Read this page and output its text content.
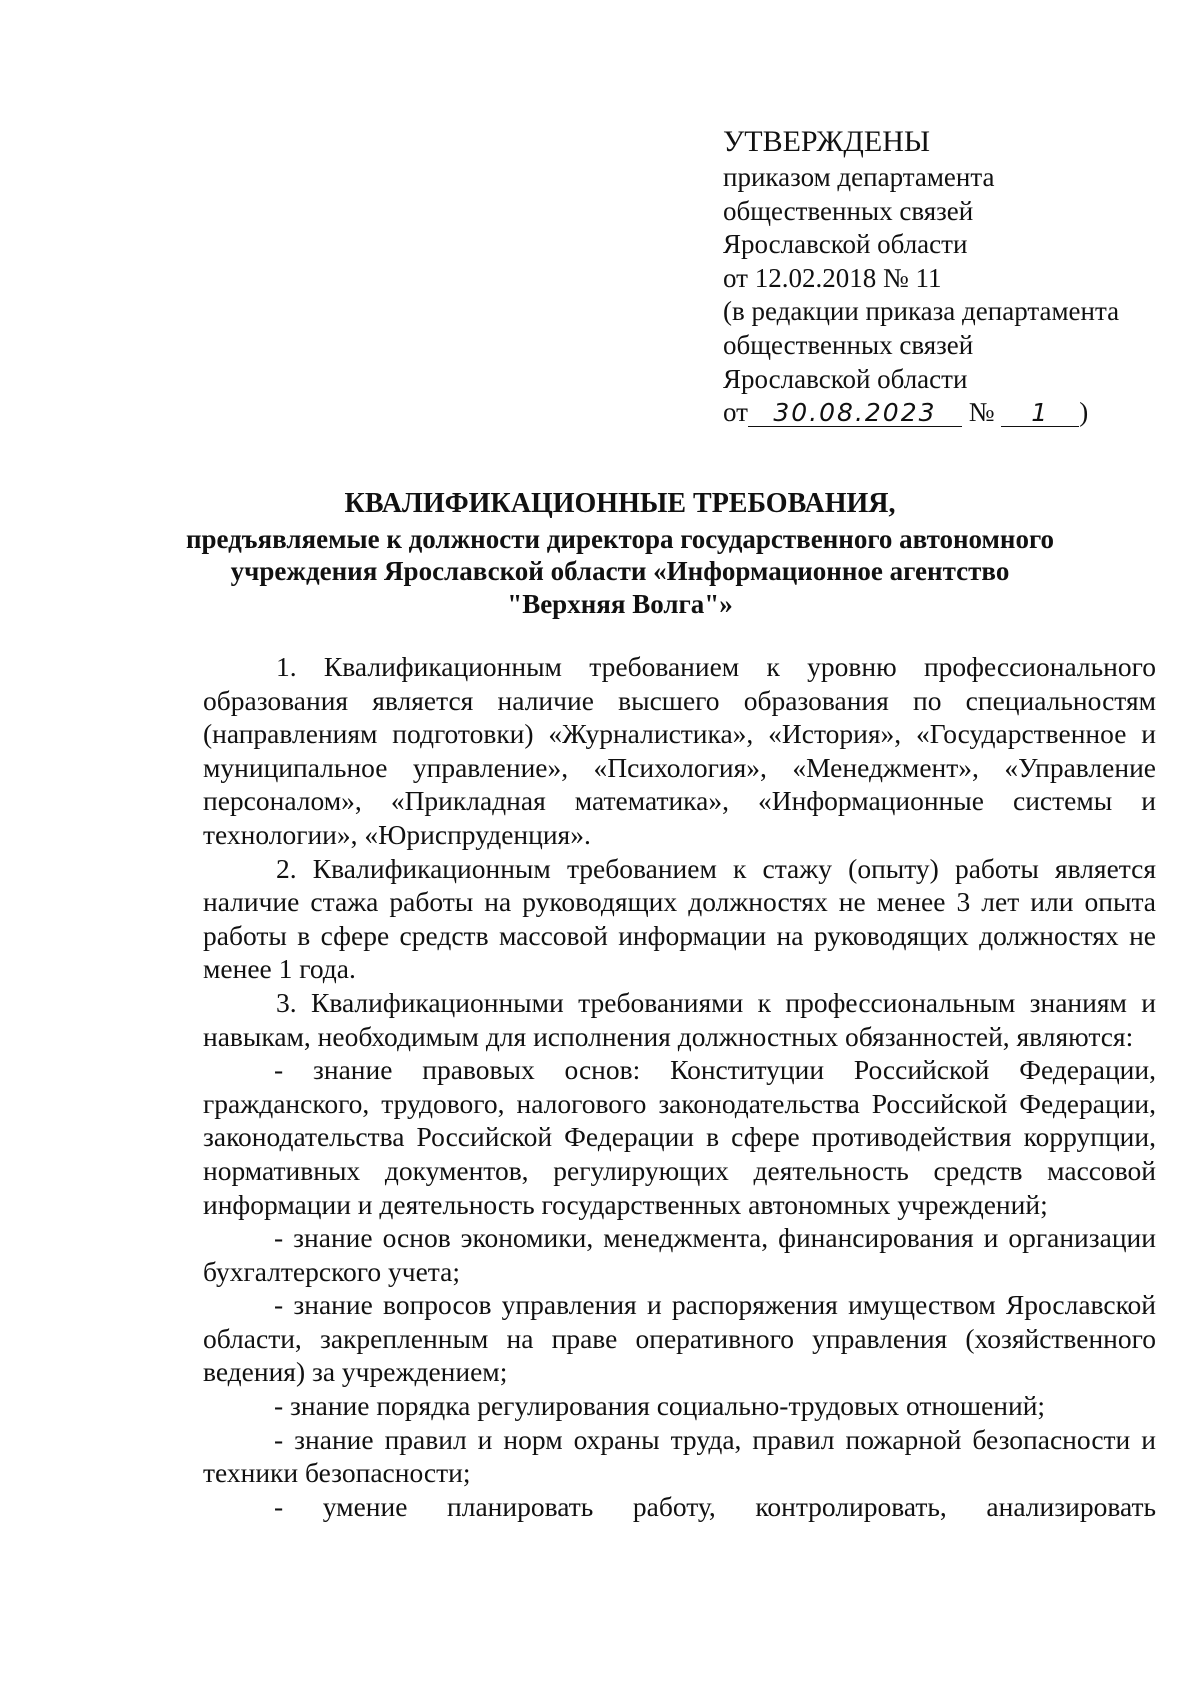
УТВЕРЖДЕНЫ
приказом департамента
общественных связей
Ярославской области
от 12.02.2018 № 11
(в редакции приказа департамента
общественных связей
Ярославской области
от 30.08.2023 № 1 )
КВАЛИФИКАЦИОННЫЕ ТРЕБОВАНИЯ,
предъявляемые к должности директора государственного автономного учреждения Ярославской области «Информационное агентство "Верхняя Волга"»

1. Квалификационным требованием к уровню профессионального образования является наличие высшего образования по специальностям (направлениям подготовки) «Журналистика», «История», «Государственное и муниципальное управление», «Психология», «Менеджмент», «Управление персоналом», «Прикладная математика», «Информационные системы и технологии», «Юриспруденция».

2. Квалификационным требованием к стажу (опыту) работы является наличие стажа работы на руководящих должностях не менее 3 лет или опыта работы в сфере средств массовой информации на руководящих должностях не менее 1 года.

3. Квалификационными требованиями к профессиональным знаниям и навыкам, необходимым для исполнения должностных обязанностей, являются:

- знание правовых основ: Конституции Российской Федерации, гражданского, трудового, налогового законодательства Российской Федерации, законодательства Российской Федерации в сфере противодействия коррупции, нормативных документов, регулирующих деятельность средств массовой информации и деятельность государственных автономных учреждений;

- знание основ экономики, менеджмента, финансирования и организации бухгалтерского учета;

- знание вопросов управления и распоряжения имуществом Ярославской области, закрепленным на праве оперативного управления (хозяйственного ведения) за учреждением;

- знание порядка регулирования социально-трудовых отношений;

- знание правил и норм охраны труда, правил пожарной безопасности и техники безопасности;

- умение планировать работу, контролировать, анализировать
